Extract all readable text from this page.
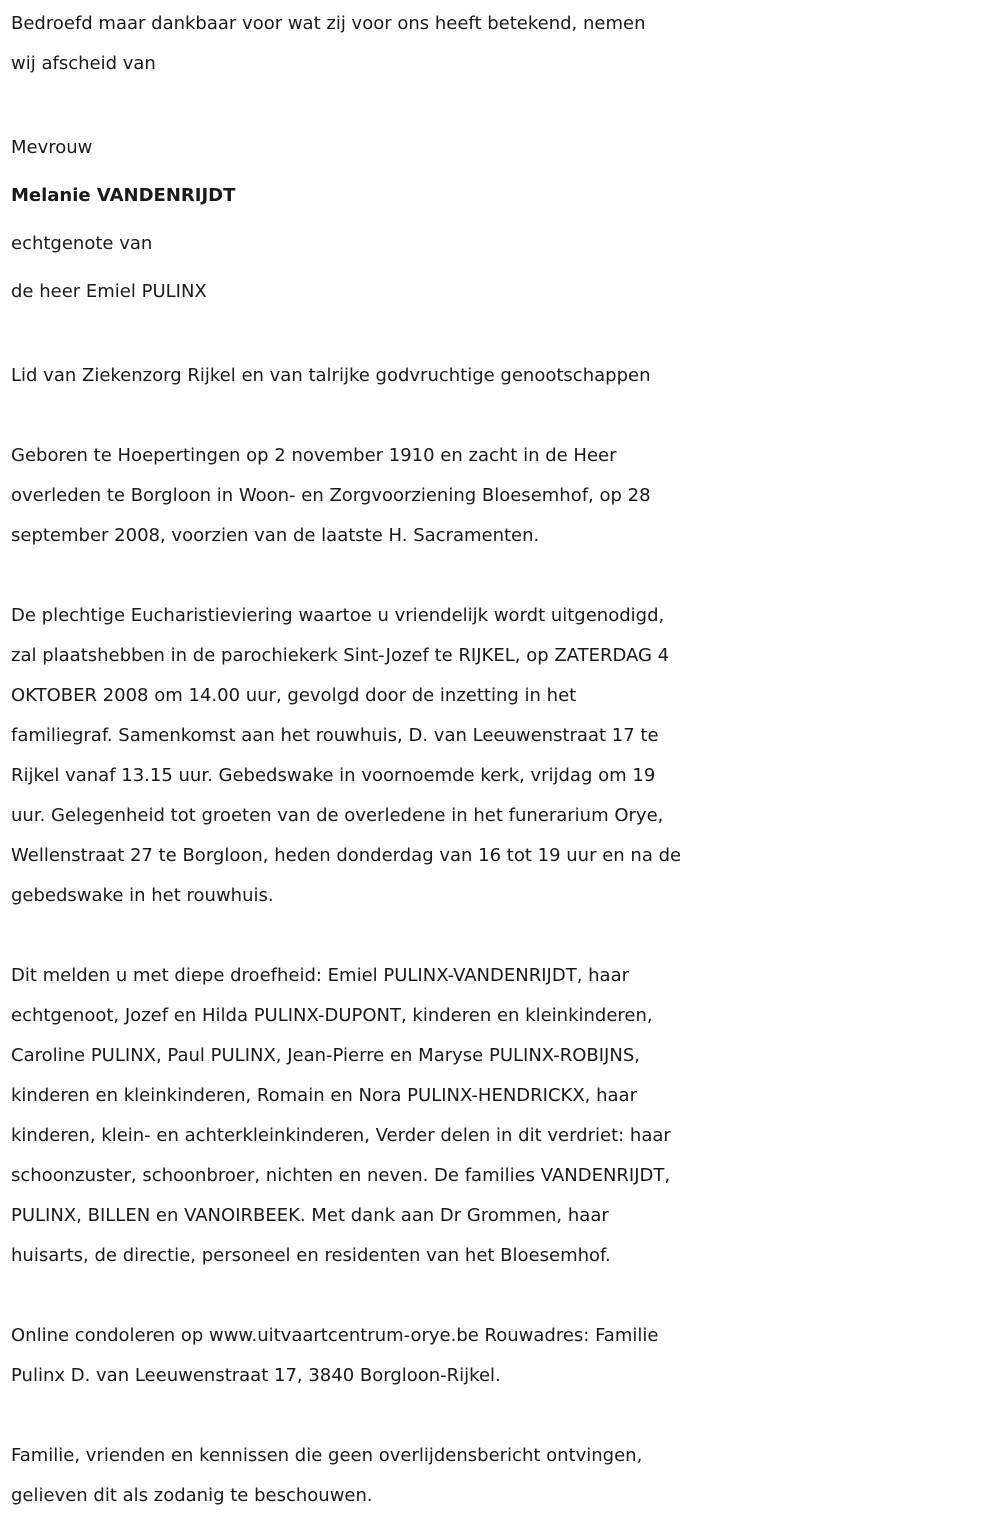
Bedroefd maar dankbaar voor wat zij voor ons heeft betekend, nemen
wij afscheid van

Mevrouw
Melanie VANDENRIJDT
echtgenote van
de heer Emiel PULINX

Lid van Ziekenzorg Rijkel en van talrijke godvruchtige genootschappen

Geboren te Hoepertingen op 2 november 1910 en zacht in de Heer
overleden te Borgloon in Woon- en Zorgvoorziening Bloesemhof, op 28
september 2008, voorzien van de laatste H. Sacramenten.

De plechtige Eucharistieviering waartoe u vriendelijk wordt uitgenodigd,
zal plaatshebben in de parochiekerk Sint-Jozef te RIJKEL, op ZATERDAG 4
OKTOBER 2008 om 14.00 uur, gevolgd door de inzetting in het
familiegraf. Samenkomst aan het rouwhuis, D. van Leeuwenstraat 17 te
Rijkel vanaf 13.15 uur. Gebedswake in voornoemde kerk, vrijdag om 19
uur. Gelegenheid tot groeten van de overledene in het funerarium Orye,
Wellenstraat 27 te Borgloon, heden donderdag van 16 tot 19 uur en na de
gebedswake in het rouwhuis.

Dit melden u met diepe droefheid: Emiel PULINX-VANDENRIJDT, haar
echtgenoot, Jozef en Hilda PULINX-DUPONT, kinderen en kleinkinderen,
Caroline PULINX, Paul PULINX, Jean-Pierre en Maryse PULINX-ROBIJNS,
kinderen en kleinkinderen, Romain en Nora PULINX-HENDRICKX, haar
kinderen, klein- en achterkleinkinderen, Verder delen in dit verdriet: haar
schoonzuster, schoonbroer, nichten en neven. De families VANDENRIJDT,
PULINX, BILLEN en VANOIRBEEK. Met dank aan Dr Grommen, haar
huisarts, de directie, personeel en residenten van het Bloesemhof.

Online condoleren op www.uitvaartcentrum-orye.be Rouwadres: Familie
Pulinx D. van Leeuwenstraat 17, 3840 Borgloon-Rijkel.

Familie, vrienden en kennissen die geen overlijdensbericht ontvingen,
gelieven dit als zodanig te beschouwen.
